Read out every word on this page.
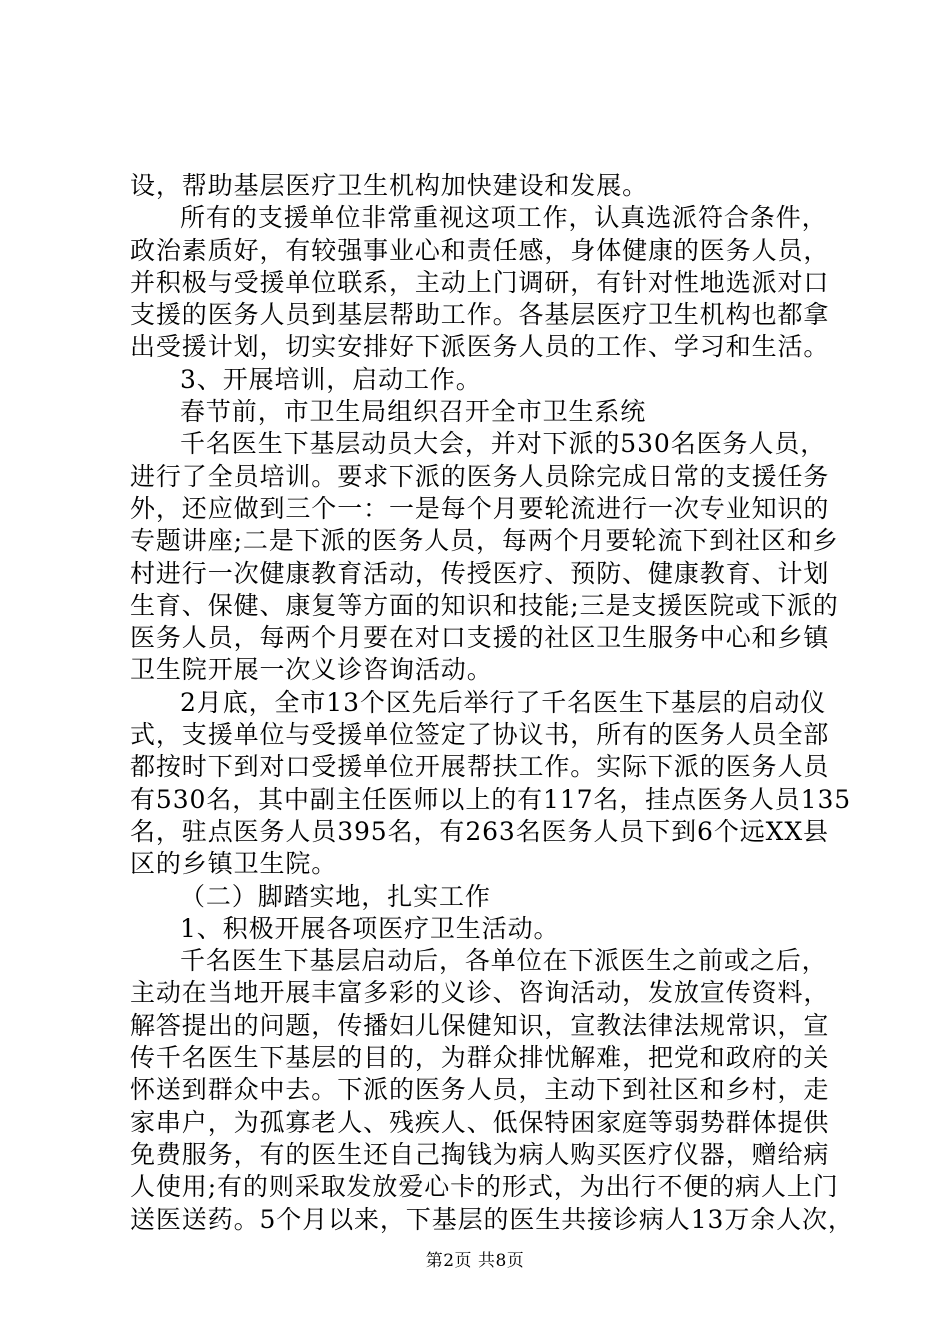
设，帮助基层医疗卫生机构加快建设和发展。
所有的支援单位非常重视这项工作，认真选派符合条件，
政治素质好，有较强事业心和责任感，身体健康的医务人员，
并积极与受援单位联系，主动上门调研，有针对性地选派对口
支援的医务人员到基层帮助工作。各基层医疗卫生机构也都拿
出受援计划，切实安排好下派医务人员的工作、学习和生活。
3、开展培训，启动工作。
春节前，市卫生局组织召开全市卫生系统
千名医生下基层动员大会，并对下派的530名医务人员，
进行了全员培训。要求下派的医务人员除完成日常的支援任务
外，还应做到三个一：一是每个月要轮流进行一次专业知识的
专题讲座;二是下派的医务人员，每两个月要轮流下到社区和乡
村进行一次健康教育活动，传授医疗、预防、健康教育、计划
生育、保健、康复等方面的知识和技能;三是支援医院或下派的
医务人员，每两个月要在对口支援的社区卫生服务中心和乡镇
卫生院开展一次义诊咨询活动。
2月底，全市13个区先后举行了千名医生下基层的启动仪
式，支援单位与受援单位签定了协议书，所有的医务人员全部
都按时下到对口受援单位开展帮扶工作。实际下派的医务人员
有530名，其中副主任医师以上的有117名，挂点医务人员135
名，驻点医务人员395名，有263名医务人员下到6个远XX县
区的乡镇卫生院。
（二）脚踏实地，扎实工作
1、积极开展各项医疗卫生活动。
千名医生下基层启动后，各单位在下派医生之前或之后，
主动在当地开展丰富多彩的义诊、咨询活动，发放宣传资料，
解答提出的问题，传播妇儿保健知识，宣教法律法规常识，宣
传千名医生下基层的目的，为群众排忧解难，把党和政府的关
怀送到群众中去。下派的医务人员，主动下到社区和乡村，走
家串户，为孤寡老人、残疾人、低保特困家庭等弱势群体提供
免费服务，有的医生还自己掏钱为病人购买医疗仪器，赠给病
人使用;有的则采取发放爱心卡的形式，为出行不便的病人上门
送医送药。5个月以来，下基层的医生共接诊病人13万余人次，
第2页 共8页
